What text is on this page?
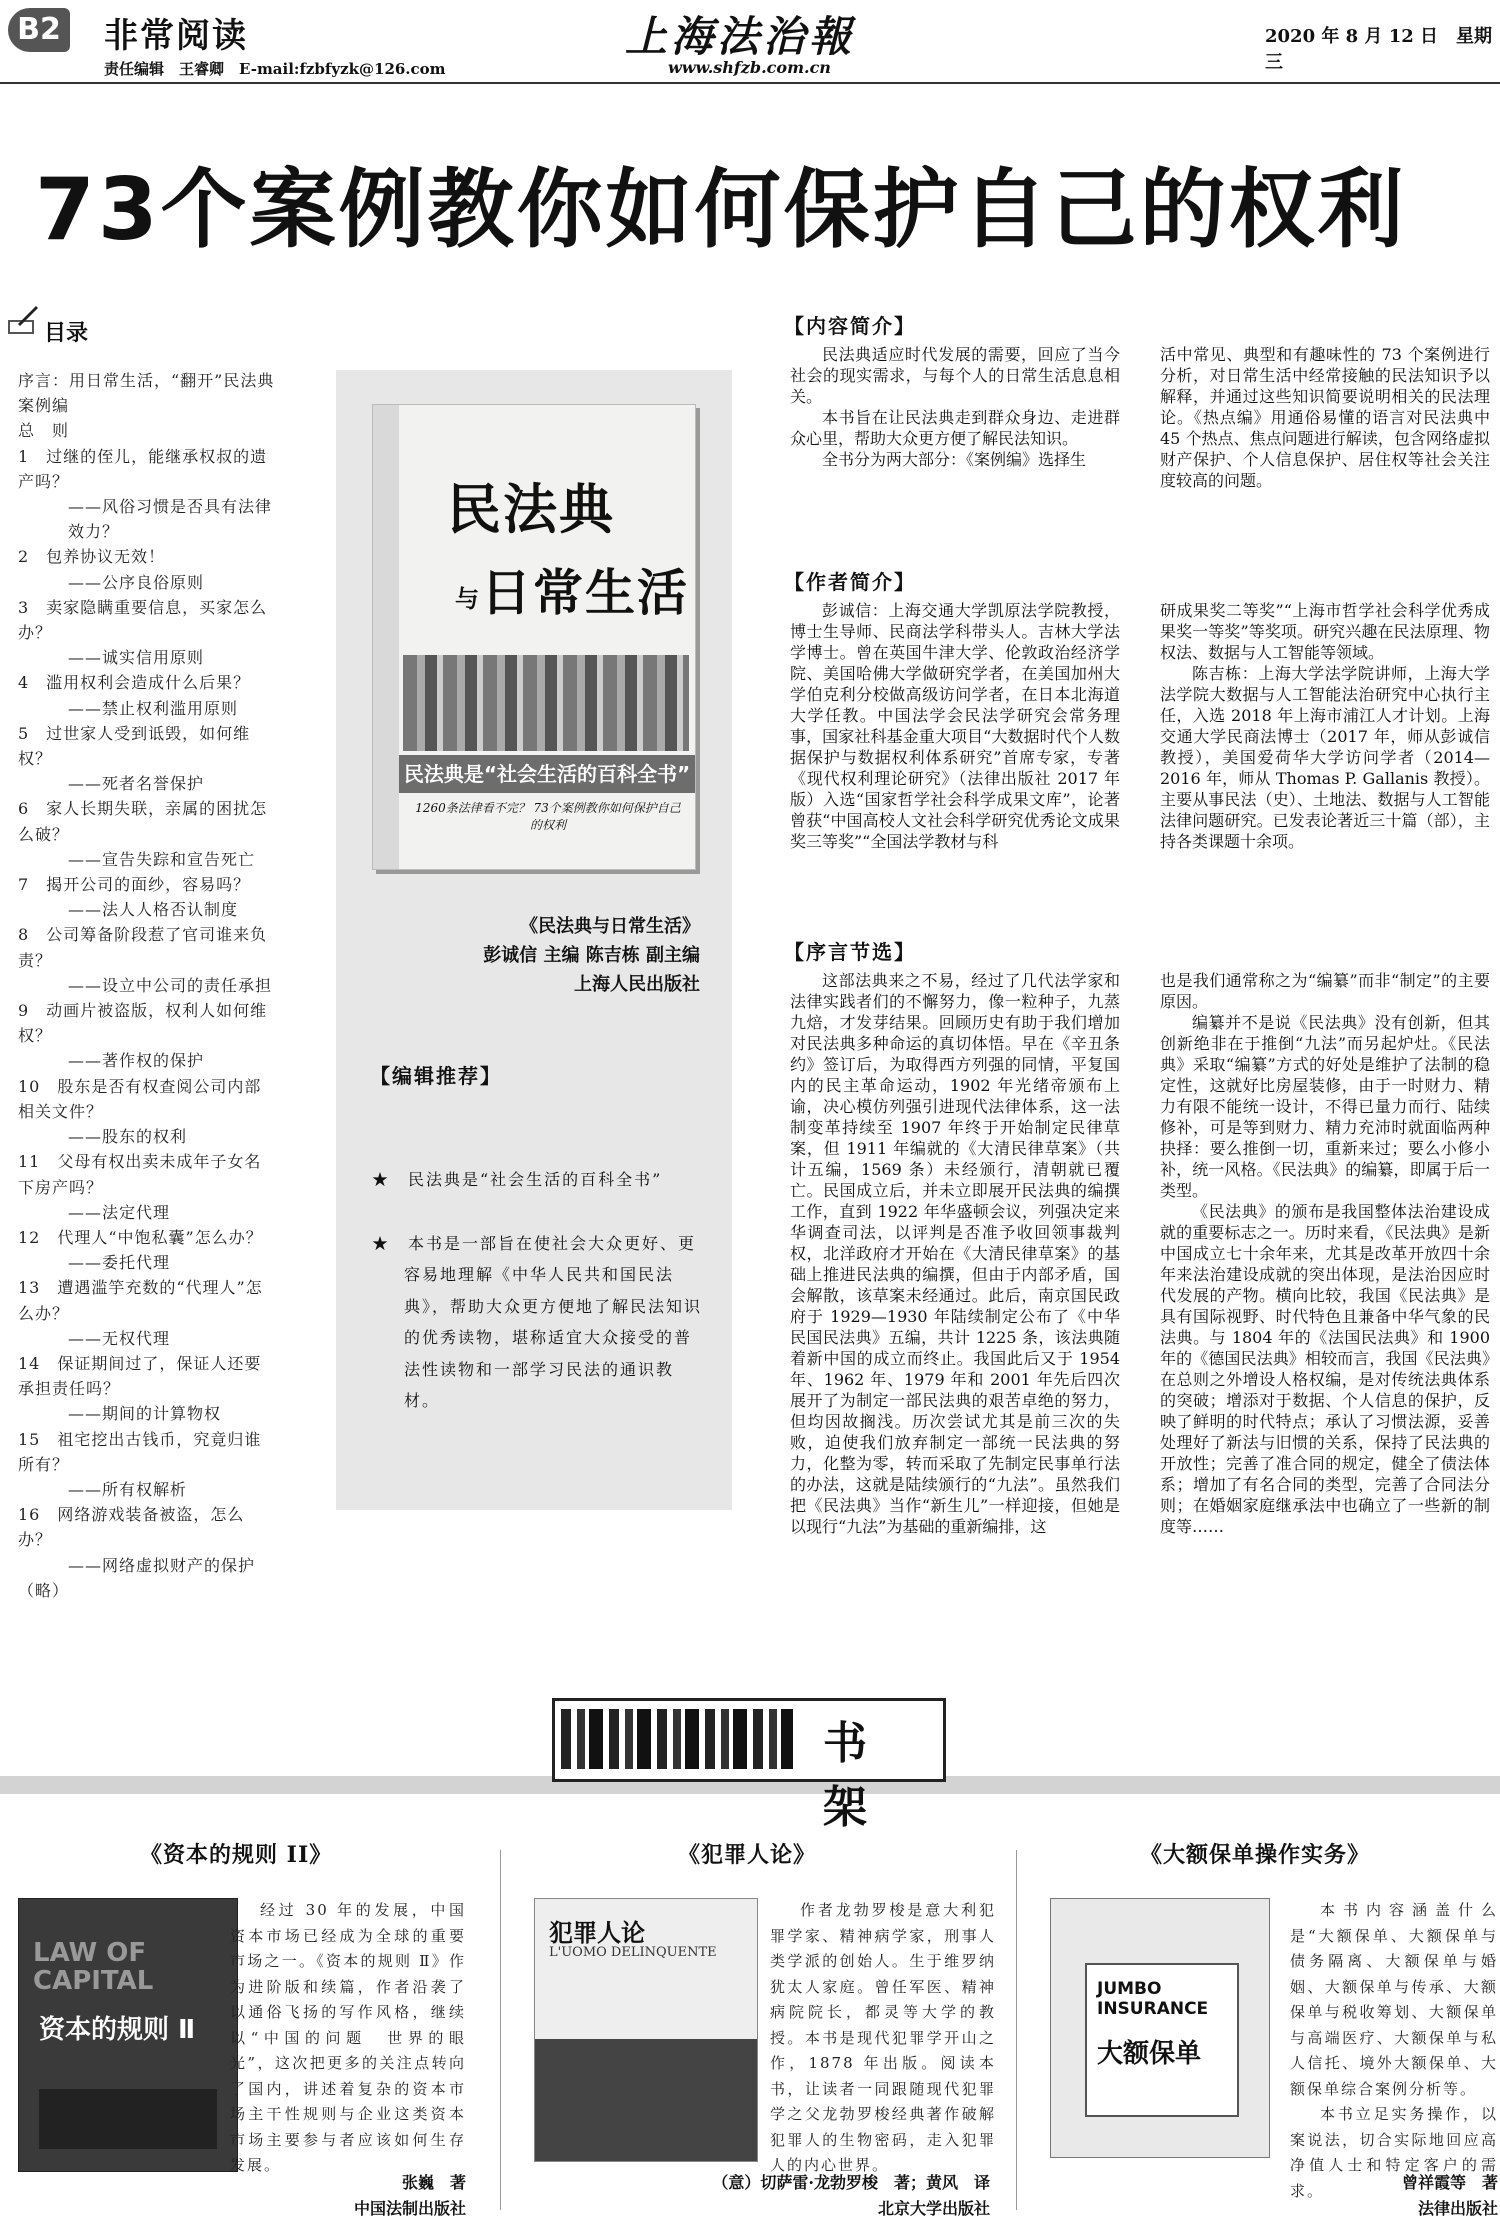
B2 非常阅读
责任编辑　王睿卿　E-mail:fzbfyzk@126.com
上海法治報
www.shfzb.com.cn
2020 年 8 月 12 日　星期三
73个案例教你如何保护自己的权利
目录

序言：用日常生活，“翻开”民法典

案例编

总　则

1　过继的侄儿，能继承权叔的遗产吗？

——风俗习惯是否具有法律效力？

2　包养协议无效！

——公序良俗原则

3　卖家隐瞒重要信息，买家怎么办？

——诚实信用原则

4　滥用权利会造成什么后果？

——禁止权利滥用原则

5　过世家人受到诋毁，如何维权？

——死者名誉保护

6　家人长期失联，亲属的困扰怎么破？

——宣告失踪和宣告死亡

7　揭开公司的面纱，容易吗？

——法人人格否认制度

8　公司筹备阶段惹了官司谁来负责？

——设立中公司的责任承担

9　动画片被盗版，权利人如何维权？

——著作权的保护

10　股东是否有权查阅公司内部相关文件？

——股东的权利

11　父母有权出卖未成年子女名下房产吗？

——法定代理

12　代理人“中饱私囊”怎么办？

——委托代理

13　遭遇滥竽充数的“代理人”怎么办？

——无权代理

14　保证期间过了，保证人还要承担责任吗？

——期间的计算物权

15　祖宅挖出古钱币，究竟归谁所有？

——所有权解析

16　网络游戏装备被盗，怎么办？

——网络虚拟财产的保护

（略）

民法典
与日常生活
民法典是“社会生活的百科全书”
1260条法律看不完？ 73个案例教你如何保护自己的权利
《民法典与日常生活》
彭诚信 主编 陈吉栋 副主编
上海人民出版社
【编辑推荐】

★　民法典是“社会生活的百科全书”

★　本书是一部旨在使社会大众更好、更容易地理解《中华人民共和国民法典》，帮助大众更方便地了解民法知识的优秀读物，堪称适宜大众接受的普法性读物和一部学习民法的通识教材。

【内容简介】

民法典适应时代发展的需要，回应了当今社会的现实需求，与每个人的日常生活息息相关。

本书旨在让民法典走到群众身边、走进群众心里，帮助大众更方便了解民法知识。

全书分为两大部分：《案例编》选择生

活中常见、典型和有趣味性的 73 个案例进行分析，对日常生活中经常接触的民法知识予以解释，并通过这些知识简要说明相关的民法理论。《热点编》用通俗易懂的语言对民法典中 45 个热点、焦点问题进行解读，包含网络虚拟财产保护、个人信息保护、居住权等社会关注度较高的问题。

【作者简介】

彭诚信：上海交通大学凯原法学院教授，博士生导师、民商法学科带头人。吉林大学法学博士。曾在英国牛津大学、伦敦政治经济学院、美国哈佛大学做研究学者，在美国加州大学伯克利分校做高级访问学者，在日本北海道大学任教。中国法学会民法学研究会常务理事，国家社科基金重大项目“大数据时代个人数据保护与数据权利体系研究”首席专家，专著《现代权利理论研究》（法律出版社 2017 年版）入选“国家哲学社会科学成果文库”，论著曾获“中国高校人文社会科学研究优秀论文成果奖三等奖”“全国法学教材与科

研成果奖二等奖”“上海市哲学社会科学优秀成果奖一等奖”等奖项。研究兴趣在民法原理、物权法、数据与人工智能等领域。

陈吉栋：上海大学法学院讲师，上海大学法学院大数据与人工智能法治研究中心执行主任，入选 2018 年上海市浦江人才计划。上海交通大学民商法博士（2017 年，师从彭诚信教授），美国爱荷华大学访问学者（2014—2016 年，师从 Thomas P. Gallanis 教授）。主要从事民法（史）、土地法、数据与人工智能法律问题研究。已发表论著近三十篇（部），主持各类课题十余项。

【序言节选】

这部法典来之不易，经过了几代法学家和法律实践者们的不懈努力，像一粒种子，九蒸九焙，才发芽结果。回顾历史有助于我们增加对民法典多种命运的真切体悟。早在《辛丑条约》签订后，为取得西方列强的同情，平复国内的民主革命运动，1902 年光绪帝颁布上谕，决心模仿列强引进现代法律体系，这一法制变革持续至 1907 年终于开始制定民律草案，但 1911 年编就的《大清民律草案》（共计五编，1569 条）未经颁行，清朝就已覆亡。民国成立后，并未立即展开民法典的编撰工作，直到 1922 年华盛顿会议，列强决定来华调查司法，以评判是否准予收回领事裁判权，北洋政府才开始在《大清民律草案》的基础上推进民法典的编撰，但由于内部矛盾，国会解散，该草案未经通过。此后，南京国民政府于 1929—1930 年陆续制定公布了《中华民国民法典》五编，共计 1225 条，该法典随着新中国的成立而终止。我国此后又于 1954 年、1962 年、1979 年和 2001 年先后四次展开了为制定一部民法典的艰苦卓绝的努力，但均因故搁浅。历次尝试尤其是前三次的失败，迫使我们放弃制定一部统一民法典的努力，化整为零，转而采取了先制定民事单行法的办法，这就是陆续颁行的“九法”。虽然我们把《民法典》当作“新生儿”一样迎接，但她是以现行“九法”为基础的重新编排，这

也是我们通常称之为“编纂”而非“制定”的主要原因。

编纂并不是说《民法典》没有创新，但其创新绝非在于推倒“九法”而另起炉灶。《民法典》采取“编纂”方式的好处是维护了法制的稳定性，这就好比房屋装修，由于一时财力、精力有限不能统一设计，不得已量力而行、陆续修补，可是等到财力、精力充沛时就面临两种抉择：要么推倒一切，重新来过；要么小修小补，统一风格。《民法典》的编纂，即属于后一类型。

《民法典》的颁布是我国整体法治建设成就的重要标志之一。历时来看，《民法典》是新中国成立七十余年来，尤其是改革开放四十余年来法治建设成就的突出体现，是法治因应时代发展的产物。横向比较，我国《民法典》是具有国际视野、时代特色且兼备中华气象的民法典。与 1804 年的《法国民法典》和 1900 年的《德国民法典》相较而言，我国《民法典》在总则之外增设人格权编，是对传统法典体系的突破；增添对于数据、个人信息的保护，反映了鲜明的时代特点；承认了习惯法源，妥善处理好了新法与旧惯的关系，保持了民法典的开放性；完善了准合同的规定，健全了债法体系；增加了有名合同的类型，完善了合同法分则；在婚姻家庭继承法中也确立了一些新的制度等……

书架
《资本的规则 II》
LAW OF CAPITAL
资本的规则 Ⅱ

经过 30 年的发展，中国资本市场已经成为全球的重要市场之一。《资本的规则 Ⅱ》作为进阶版和续篇，作者沿袭了以通俗飞扬的写作风格，继续以“中国的问题　世界的眼光”，这次把更多的关注点转向了国内，讲述着复杂的资本市场主干性规则与企业这类资本市场主要参与者应该如何生存发展。

张巍　著
中国法制出版社
《犯罪人论》
犯罪人论
L'UOMO DELINQUENTE

作者龙勃罗梭是意大利犯罪学家、精神病学家，刑事人类学派的创始人。生于维罗纳犹太人家庭。曾任军医、精神病院院长，都灵等大学的教授。本书是现代犯罪学开山之作，1878 年出版。阅读本书，让读者一同跟随现代犯罪学之父龙勃罗梭经典著作破解犯罪人的生物密码，走入犯罪人的内心世界。

（意）切萨雷·龙勃罗梭　著；黄风　译
北京大学出版社
《大额保单操作实务》
JUMBO INSURANCE
大额保单

本书内容涵盖什么是“大额保单、大额保单与债务隔离、大额保单与婚姻、大额保单与传承、大额保单与税收筹划、大额保单与高端医疗、大额保单与私人信托、境外大额保单、大额保单综合案例分析等。

本书立足实务操作，以案说法，切合实际地回应高净值人士和特定客户的需求。	曾祥霞等　著
法律出版社
